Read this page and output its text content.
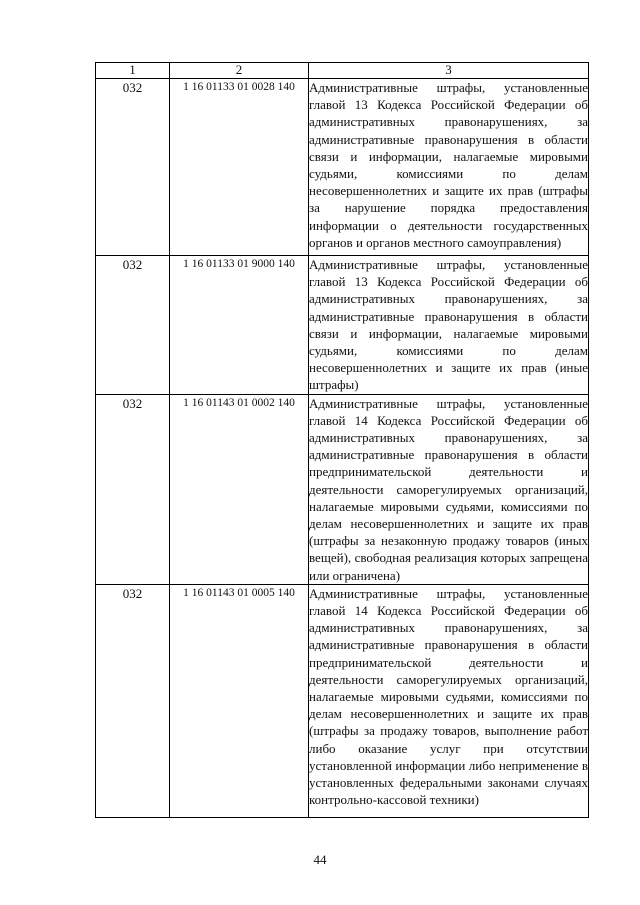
1	2	3
032	1 16 01133 01 0028 140	Административные штрафы, установленные главой 13 Кодекса Российской Федерации об административных правонарушениях, за административные правонарушения в области связи и информации, налагаемые мировыми судьями, комиссиями по делам несовершеннолетних и защите их прав (штрафы за нарушение порядка предоставления информации о деятельности государственных органов и органов местного самоуправления)
032	1 16 01133 01 9000 140	Административные штрафы, установленные главой 13 Кодекса Российской Федерации об административных правонарушениях, за административные правонарушения в области связи и информации, налагаемые мировыми судьями, комиссиями по делам несовершеннолетних и защите их прав (иные штрафы)
032	1 16 01143 01 0002 140	Административные штрафы, установленные главой 14 Кодекса Российской Федерации об административных правонарушениях, за административные правонарушения в области предпринимательской деятельности и деятельности саморегулируемых организаций, налагаемые мировыми судьями, комиссиями по делам несовершеннолетних и защите их прав (штрафы за незаконную продажу товаров (иных вещей), свободная реализация которых запрещена или ограничена)
032	1 16 01143 01 0005 140	Административные штрафы, установленные главой 14 Кодекса Российской Федерации об административных правонарушениях, за административные правонарушения в области предпринимательской деятельности и деятельности саморегулируемых организаций, налагаемые мировыми судьями, комиссиями по делам несовершеннолетних и защите их прав (штрафы за продажу товаров, выполнение работ либо оказание услуг при отсутствии установленной информации либо неприменение в установленных федеральными законами случаях контрольно-кассовой техники)
44
